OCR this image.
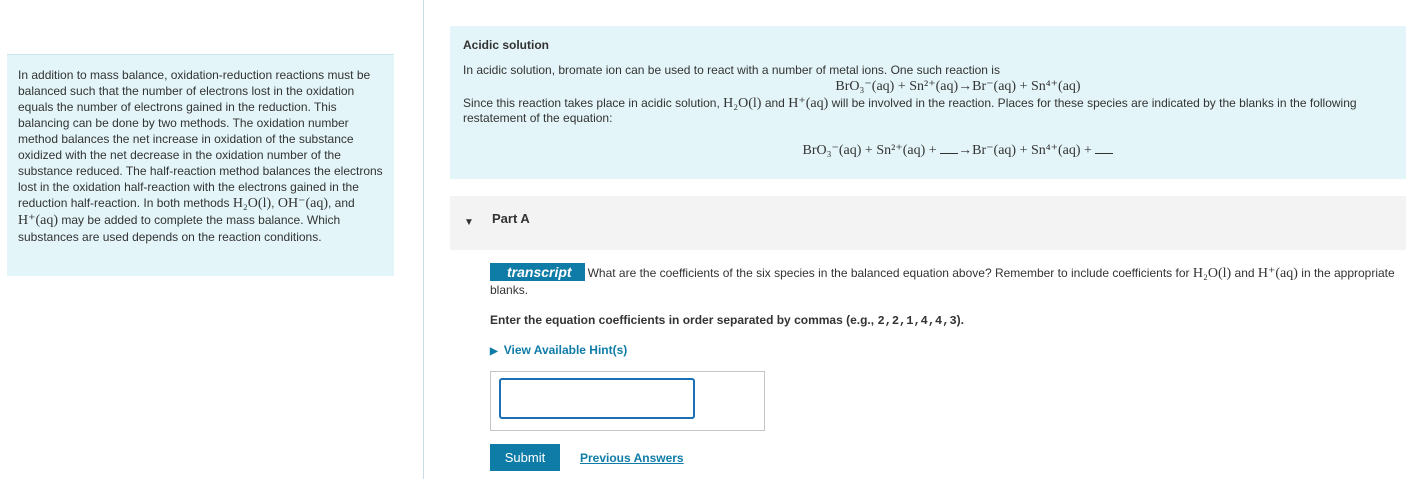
In addition to mass balance, oxidation-reduction reactions must be balanced such that the number of electrons lost in the oxidation equals the number of electrons gained in the reduction. This balancing can be done by two methods. The oxidation number method balances the net increase in oxidation of the substance oxidized with the net decrease in the oxidation number of the substance reduced. The half-reaction method balances the electrons lost in the oxidation half-reaction with the electrons gained in the reduction half-reaction. In both methods H₂O(l), OH⁻(aq), and H⁺(aq) may be added to complete the mass balance. Which substances are used depends on the reaction conditions.
Acidic solution

In acidic solution, bromate ion can be used to react with a number of metal ions. One such reaction is

BrO₃⁻(aq) + Sn²⁺(aq)→Br⁻(aq) + Sn⁴⁺(aq)

Since this reaction takes place in acidic solution, H₂O(l) and H⁺(aq) will be involved in the reaction. Places for these species are indicated by the blanks in the following restatement of the equation:

BrO₃⁻(aq) + Sn²⁺(aq) + →Br⁻(aq) + Sn⁴⁺(aq) +
▼ Part A
transcript What are the coefficients of the six species in the balanced equation above? Remember to include coefficients for H₂O(l) and H⁺(aq) in the appropriate blanks.
Enter the equation coefficients in order separated by commas (e.g., 2,2,1,4,4,3).
▶ View Available Hint(s)
Submit	Previous Answers
